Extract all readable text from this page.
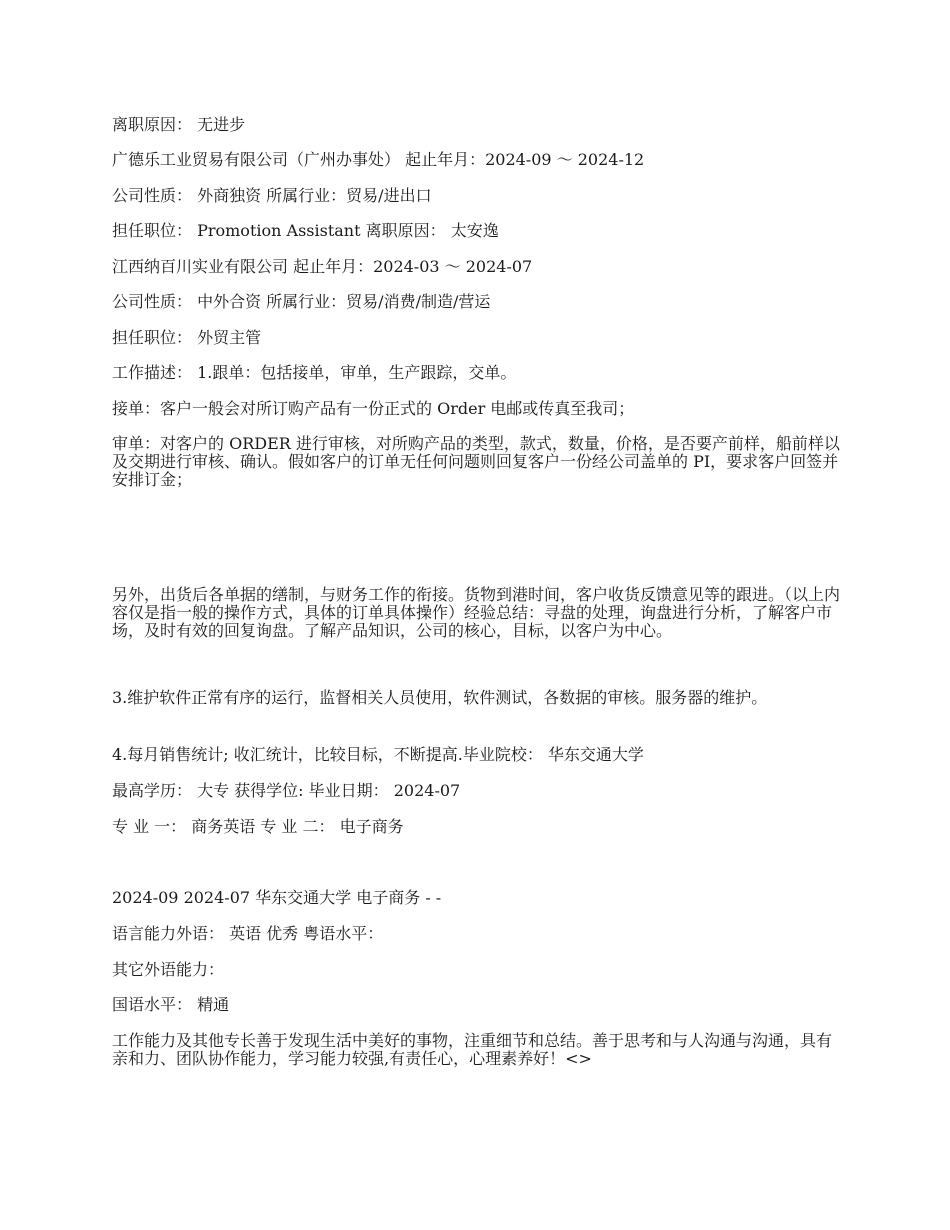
离职原因： 无进步

广德乐工业贸易有限公司（广州办事处） 起止年月：2024-09 ～ 2024-12

公司性质： 外商独资 所属行业：贸易/进出口

担任职位： Promotion Assistant 离职原因： 太安逸

江西纳百川实业有限公司 起止年月：2024-03 ～ 2024-07

公司性质： 中外合资 所属行业：贸易/消费/制造/营运

担任职位： 外贸主管

工作描述： 1.跟单：包括接单，审单，生产跟踪，交单。

接单：客户一般会对所订购产品有一份正式的 Order 电邮或传真至我司；

审单：对客户的 ORDER 进行审核，对所购产品的类型，款式，数量，价格，是否要产前样，船前样以及交期进行审核、确认。假如客户的订单无任何问题则回复客户一份经公司盖单的 PI，要求客户回签并安排订金；

另外，出货后各单据的缮制，与财务工作的衔接。货物到港时间，客户收货反馈意见等的跟进。（以上内容仅是指一般的操作方式，具体的订单具体操作）经验总结：寻盘的处理，询盘进行分析，了解客户市场，及时有效的回复询盘。了解产品知识，公司的核心，目标，以客户为中心。

3.维护软件正常有序的运行，监督相关人员使用，软件测试，各数据的审核。服务器的维护。

4.每月销售统计; 收汇统计，比较目标，不断提高.毕业院校： 华东交通大学

最高学历： 大专 获得学位: 毕业日期： 2024-07

专 业 一： 商务英语 专 业 二： 电子商务

2024-09 2024-07 华东交通大学 电子商务 - -

语言能力外语： 英语 优秀 粤语水平：

其它外语能力：

国语水平： 精通

工作能力及其他专长善于发现生活中美好的事物，注重细节和总结。善于思考和与人沟通与沟通，具有亲和力、团队协作能力，学习能力较强,有责任心，心理素养好！<>
